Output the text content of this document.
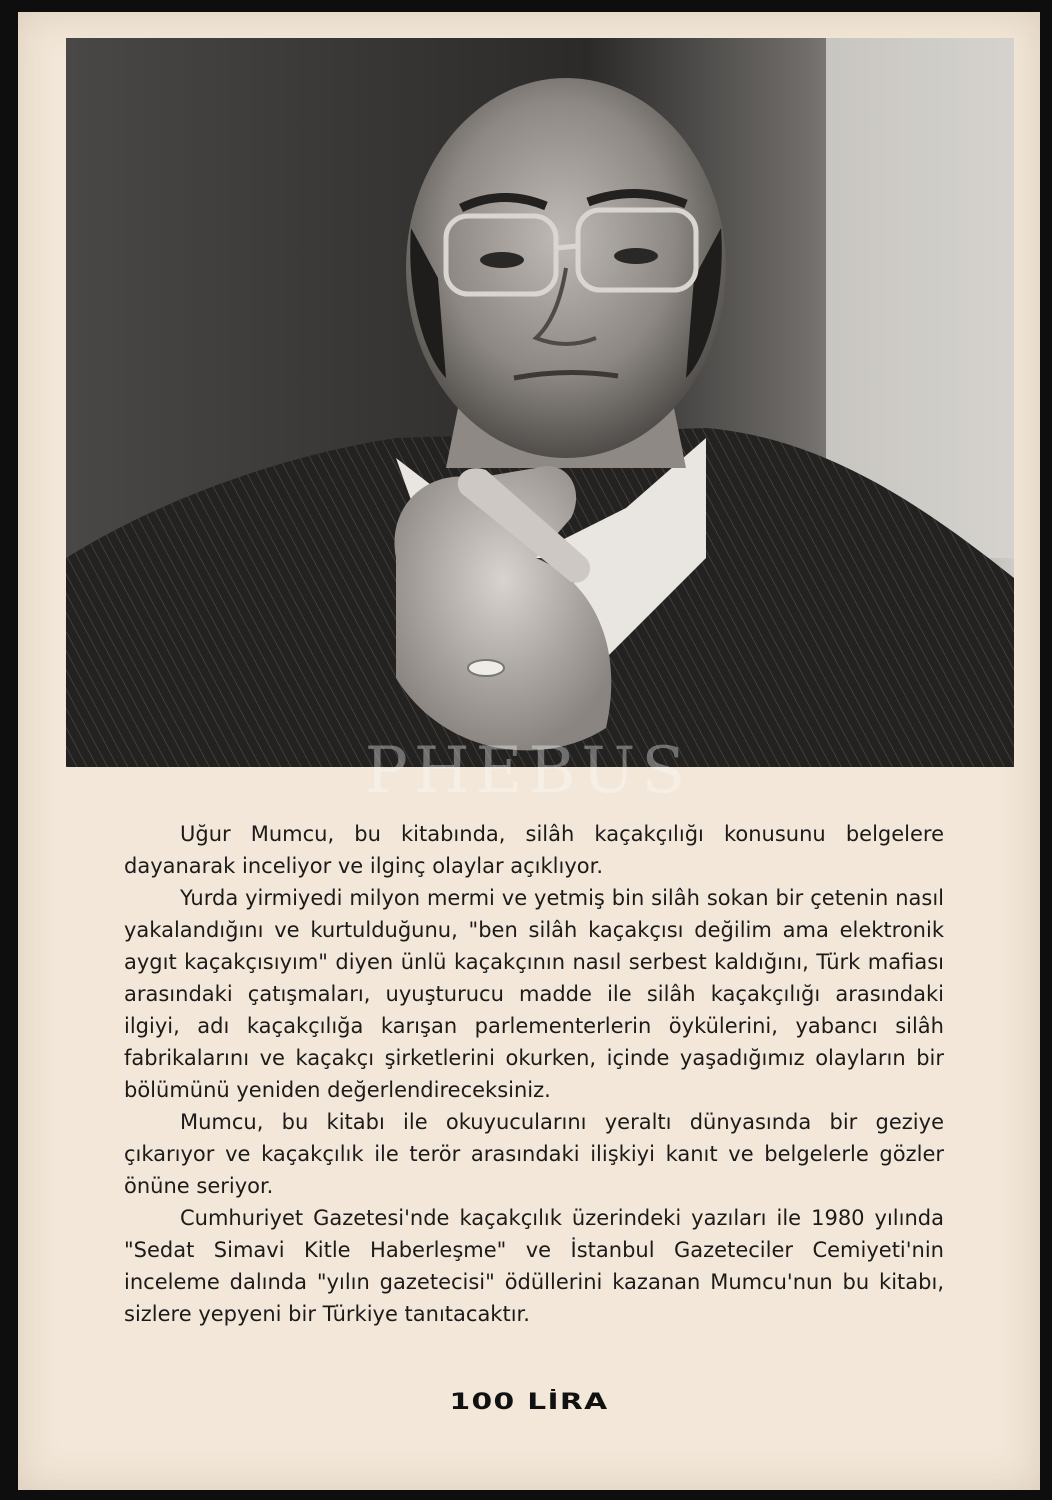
PHEBUS

Uğur Mumcu, bu kitabında, silâh kaçakçılığı konusunu belgelere dayanarak inceliyor ve ilginç olaylar açıklıyor.

Yurda yirmiyedi milyon mermi ve yetmiş bin silâh sokan bir çetenin nasıl yakalandığını ve kurtulduğunu, "ben silâh kaçakçısı değilim ama elektronik aygıt kaçakçısıyım" diyen ünlü kaçakçının nasıl serbest kaldığını, Türk mafiası arasındaki çatışmaları, uyuşturucu madde ile silâh kaçakçılığı arasındaki ilgiyi, adı kaçakçılığa karışan parlementerlerin öykülerini, yabancı silâh fabrikalarını ve kaçakçı şirketlerini okurken, içinde yaşadığımız olayların bir bölümünü yeniden değerlendireceksiniz.

Mumcu, bu kitabı ile okuyucularını yeraltı dünyasında bir geziye çıkarıyor ve kaçakçılık ile terör arasındaki ilişkiyi kanıt ve belgelerle gözler önüne seriyor.

Cumhuriyet Gazetesi'nde kaçakçılık üzerindeki yazıları ile 1980 yılında "Sedat Simavi Kitle Haberleşme" ve İstanbul Gazeteciler Cemiyeti'nin inceleme dalında "yılın gazetecisi" ödüllerini kazanan Mumcu'nun bu kitabı, sizlere yepyeni bir Türkiye tanıtacaktır.

100 LİRA
